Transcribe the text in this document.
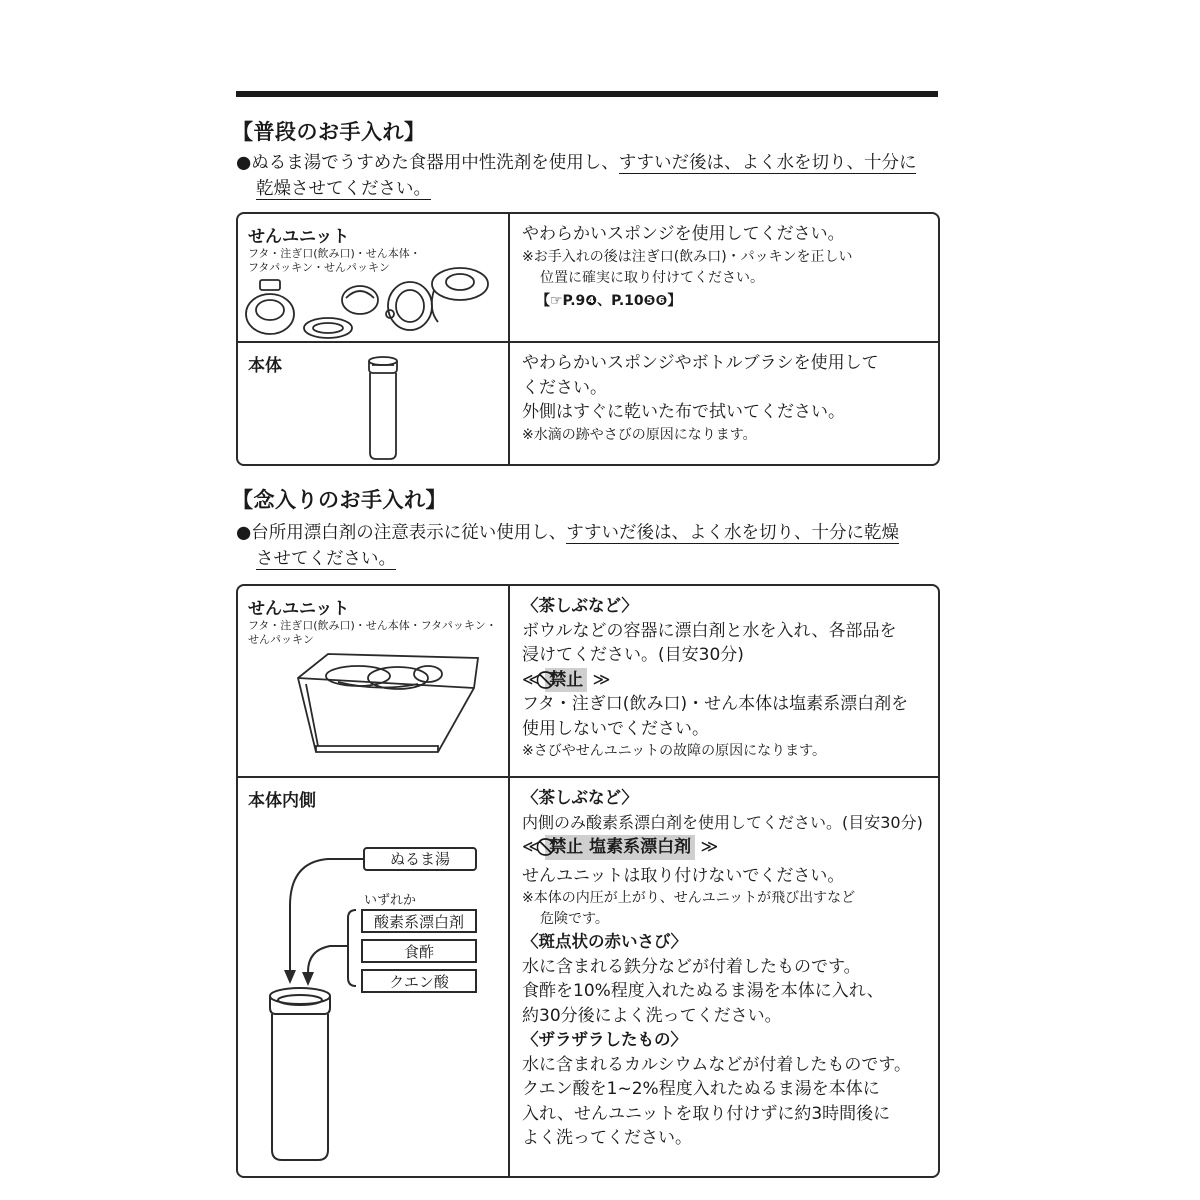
【普段のお手入れ】
●ぬるま湯でうすめた食器用中性洗剤を使用し、すすいだ後は、よく水を切り、十分に
乾燥させてください。
せんユニット
フタ・注ぎ口(飲み口)・せん本体・
フタパッキン・せんパッキン
やわらかいスポンジを使用してください。
※お手入れの後は注ぎ口(飲み口)・パッキンを正しい
位置に確実に取り付けてください。
【☞P.9❹、P.10❺❻】
本体	やわらかいスポンジやボトルブラシを使用して
ください。
外側はすぐに乾いた布で拭いてください。
※水滴の跡やさびの原因になります。
【念入りのお手入れ】
●台所用漂白剤の注意表示に従い使用し、すすいだ後は、よく水を切り、十分に乾燥
させてください。
せんユニット
フタ・注ぎ口(飲み口)・せん本体・フタパッキン・
せんパッキン
〈茶しぶなど〉
ボウルなどの容器に漂白剤と水を入れ、各部品を
浸けてください。(目安30分)
≪ ⃠禁止 ≫
フタ・注ぎ口(飲み口)・せん本体は塩素系漂白剤を
使用しないでください。
※さびやせんユニットの故障の原因になります。
本体内側
ぬるま湯
いずれか
酸素系漂白剤
食酢
クエン酸
〈茶しぶなど〉
内側のみ酸素系漂白剤を使用してください。(目安30分)
≪ ⃠禁止 塩素系漂白剤 ≫
せんユニットは取り付けないでください。
※本体の内圧が上がり、せんユニットが飛び出すなど
危険です。
〈斑点状の赤いさび〉
水に含まれる鉄分などが付着したものです。
食酢を10%程度入れたぬるま湯を本体に入れ、
約30分後によく洗ってください。
〈ザラザラしたもの〉
水に含まれるカルシウムなどが付着したものです。
クエン酸を1~2%程度入れたぬるま湯を本体に
入れ、せんユニットを取り付けずに約3時間後に
よく洗ってください。
